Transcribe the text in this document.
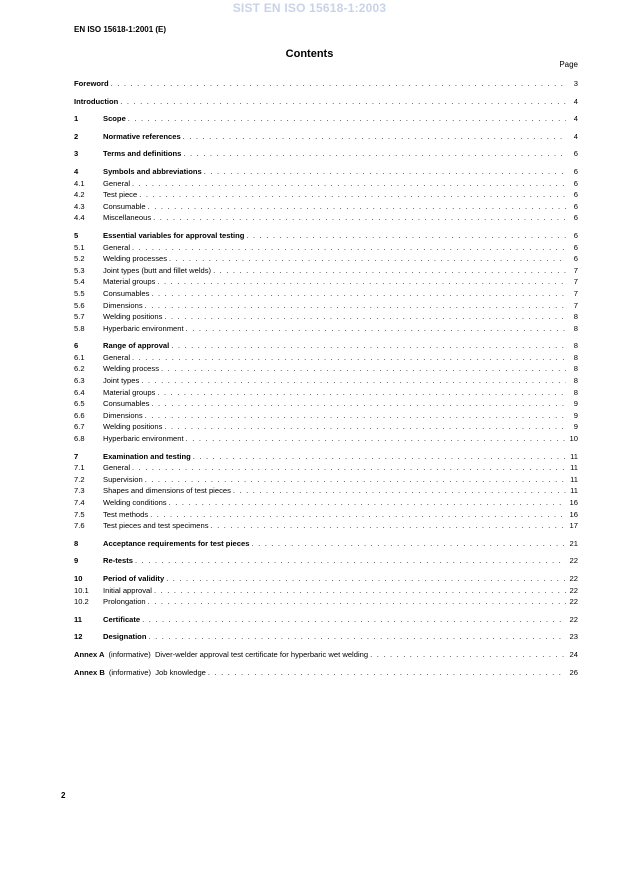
SIST EN ISO 15618-1:2003
EN ISO 15618-1:2001 (E)
Contents
Page
Foreword . . .	3
Introduction . . .	4
1	Scope . . .	4
2	Normative references . . .	4
3	Terms and definitions . . .	6
4	Symbols and abbreviations . . .	6
4.1	General . . .	6
4.2	Test piece . . .	6
4.3	Consumable . . .	6
4.4	Miscellaneous . . .	6
5	Essential variables for approval testing . . .	6
5.1	General . . .	6
5.2	Welding processes . . .	6
5.3	Joint types (butt and fillet welds) . . .	7
5.4	Material groups . . .	7
5.5	Consumables . . .	7
5.6	Dimensions . . .	7
5.7	Welding positions . . .	8
5.8	Hyperbaric environment . . .	8
6	Range of approval . . .	8
6.1	General . . .	8
6.2	Welding process . . .	8
6.3	Joint types . . .	8
6.4	Material groups . . .	8
6.5	Consumables . . .	9
6.6	Dimensions . . .	9
6.7	Welding positions . . .	9
6.8	Hyperbaric environment . . .	10
7	Examination and testing . . .	11
7.1	General . . .	11
7.2	Supervision . . .	11
7.3	Shapes and dimensions of test pieces . . .	11
7.4	Welding conditions . . .	16
7.5	Test methods . . .	16
7.6	Test pieces and test specimens . . .	17
8	Acceptance requirements for test pieces . . .	21
9	Re-tests . . .	22
10	Period of validity . . .	22
10.1	Initial approval . . .	22
10.2	Prolongation . . .	22
11	Certificate . . .	22
12	Designation . . .	23
Annex A (informative)  Diver-welder approval test certificate for hyperbaric wet welding . . .	24
Annex B (informative)  Job knowledge . . .	26
2
